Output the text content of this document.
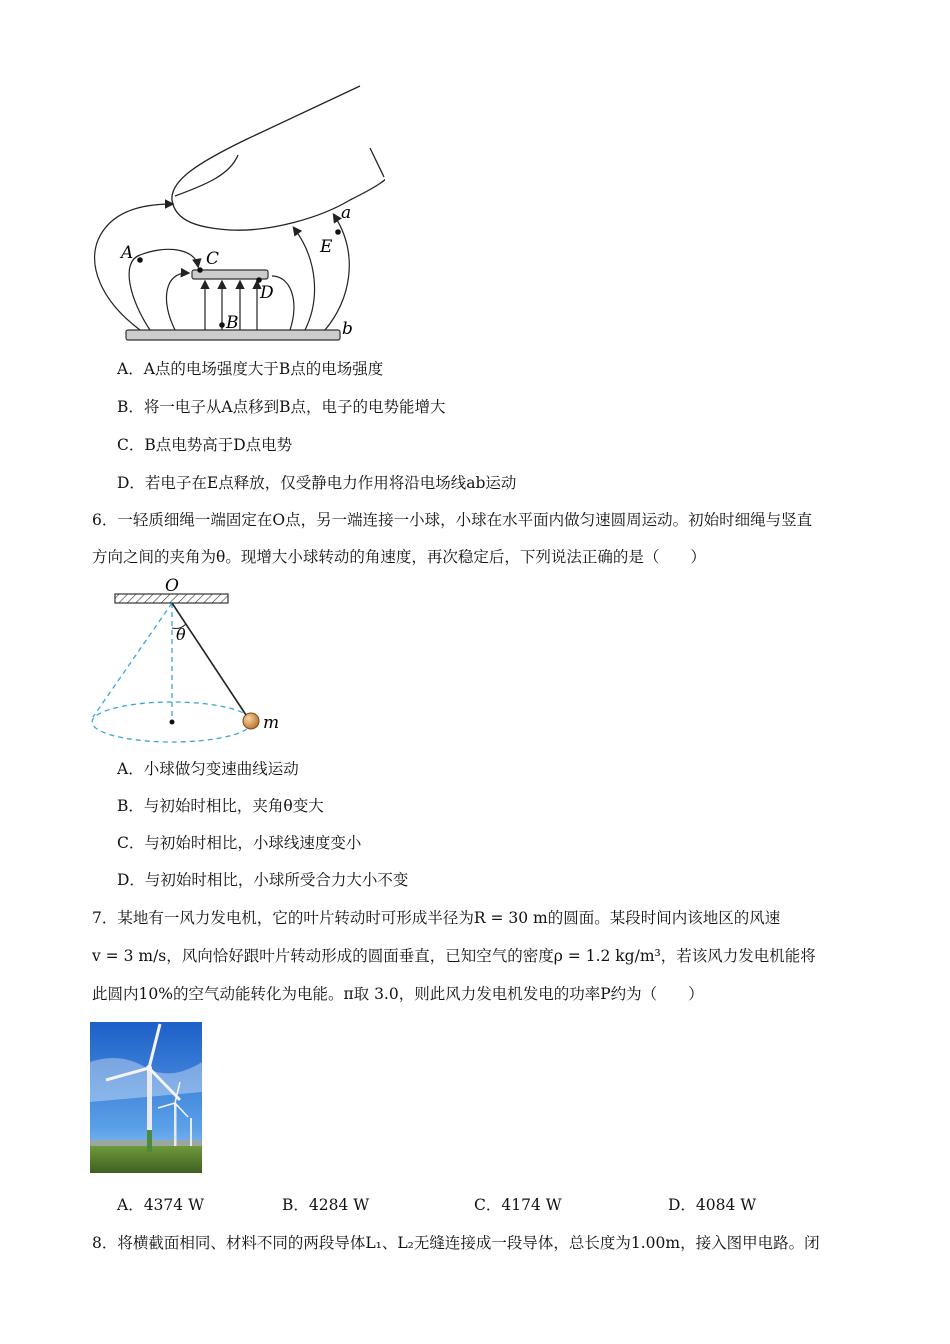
A	C
B
D
E
a
b
A．A点的电场强度大于B点的电场强度
B．将一电子从A点移到B点，电子的电势能增大
C．B点电势高于D点电势
D．若电子在E点释放，仅受静电力作用将沿电场线ab运动
6．一轻质细绳一端固定在O点，另一端连接一小球，小球在水平面内做匀速圆周运动。初始时细绳与竖直
方向之间的夹角为θ。现增大小球转动的角速度，再次稳定后，下列说法正确的是（　　）
O
θ
m
A．小球做匀变速曲线运动
B．与初始时相比，夹角θ变大
C．与初始时相比，小球线速度变小
D．与初始时相比，小球所受合力大小不变
7．某地有一风力发电机，它的叶片转动时可形成半径为R = 30 m的圆面。某段时间内该地区的风速
v = 3 m/s，风向恰好跟叶片转动形成的圆面垂直，已知空气的密度ρ = 1.2 kg/m³，若该风力发电机能将
此圆内10%的空气动能转化为电能。π取 3.0，则此风力发电机发电的功率P约为（　　）
A．4374 W	B．4284 W	C．4174 W	D．4084 W
8．将横截面相同、材料不同的两段导体L₁、L₂无缝连接成一段导体，总长度为1.00m，接入图甲电路。闭
